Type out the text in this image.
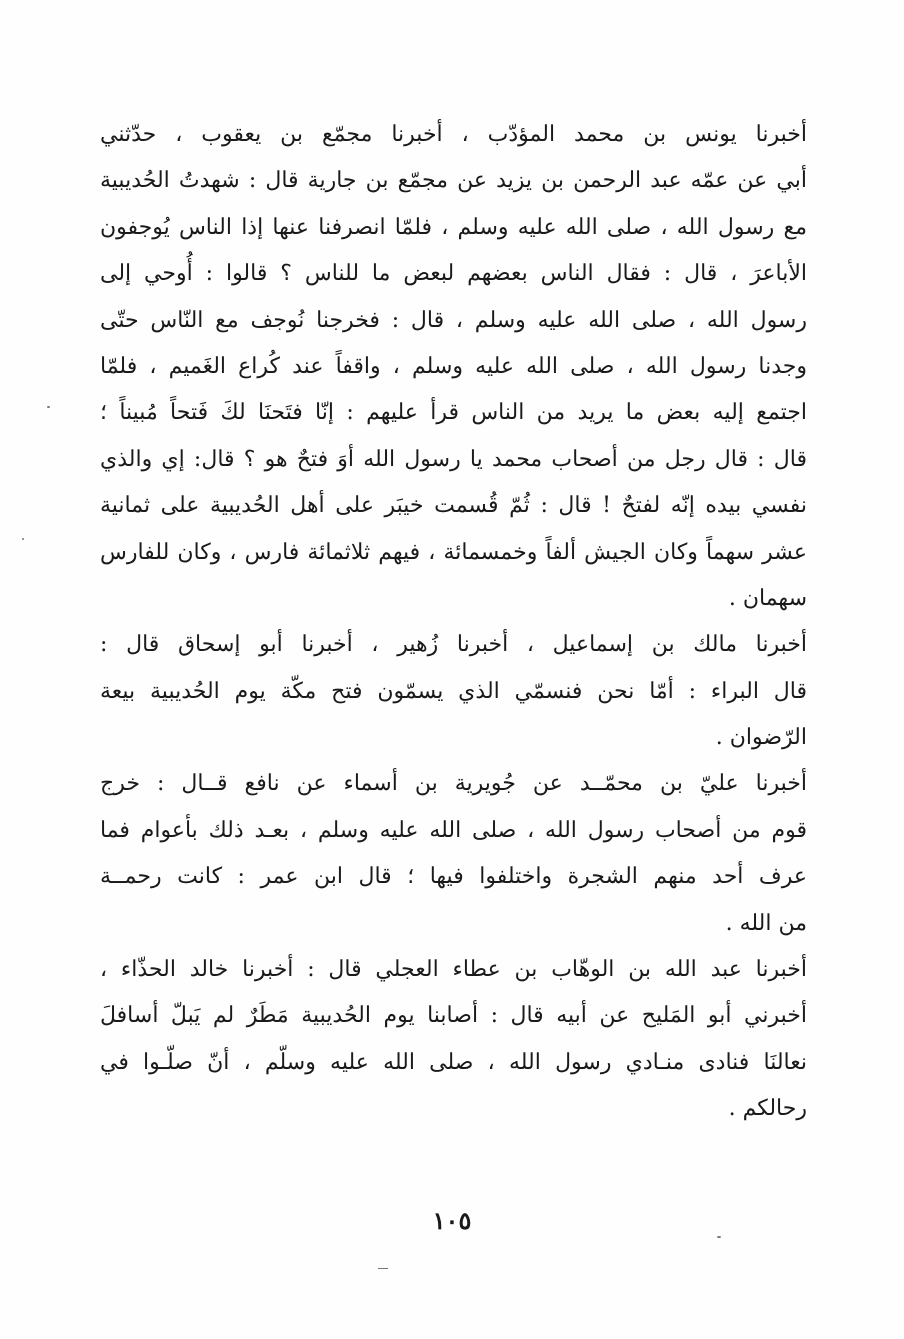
أخبرنا يونس بن محمد المؤدّب ، أخبرنا مجمّع بن يعقوب ، حدّثني
أبي عن عمّه عبد الرحمن بن يزيد عن مجمّع بن جارية قال : شهدتُ الحُديبية
مع رسول الله ، صلى الله عليه وسلم ، فلمّا انصرفنا عنها إذا الناس يُوجفون
الأباعرَ ، قال : فقال الناس بعضهم لبعض ما للناس ؟ قالوا : أُوحي إلى
رسول الله ، صلى الله عليه وسلم ، قال : فخرجنا نُوجف مع النّاس حتّى
وجدنا رسول الله ، صلى الله عليه وسلم ، واقفاً عند كُراع الغَميم ، فلمّا
اجتمع إليه بعض ما يريد من الناس قرأ عليهم : إنّا فتَحنَا لكَ فَتحاً مُبيناً ؛
قال : قال رجل من أصحاب محمد يا رسول الله أوَ فتحٌ هو ؟ قال: إي والذي
نفسي بيده إنّه لفتحٌ ! قال : ثُمّ قُسمت خيبَر على أهل الحُديبية على ثمانية
عشر سهماً وكان الجيش ألفاً وخمسمائة ، فيهم ثلاثمائة فارس ، وكان للفارس
سهمان .
أخبرنا مالك بن إسماعيل ، أخبرنا زُهير ، أخبرنا أبو إسحاق قال :
قال البراء : أمّا نحن فنسمّي الذي يسمّون فتح مكّة يوم الحُديبية بيعة
الرّضوان .
أخبرنا عليّ بن محمّــد عن جُويرية بن أسماء عن نافع قــال : خرج
قوم من أصحاب رسول الله ، صلى الله عليه وسلم ، بعـد ذلك بأعوام فما
عرف أحد منهم الشجرة واختلفوا فيها ؛ قال ابن عمر : كانت رحمــة
من الله .
أخبرنا عبد الله بن الوهّاب بن عطاء العجلي قال : أخبرنا خالد الحذّاء ،
أخبرني أبو المَليح عن أبيه قال : أصابنا يوم الحُديبية مَطَرٌ لم يَبلّ أسافلَ
نعالنَا فنادى منـادي رسول الله ، صلى الله عليه وسلّم ، أنّ صلّـوا في
رحالكم .
١٠٥
